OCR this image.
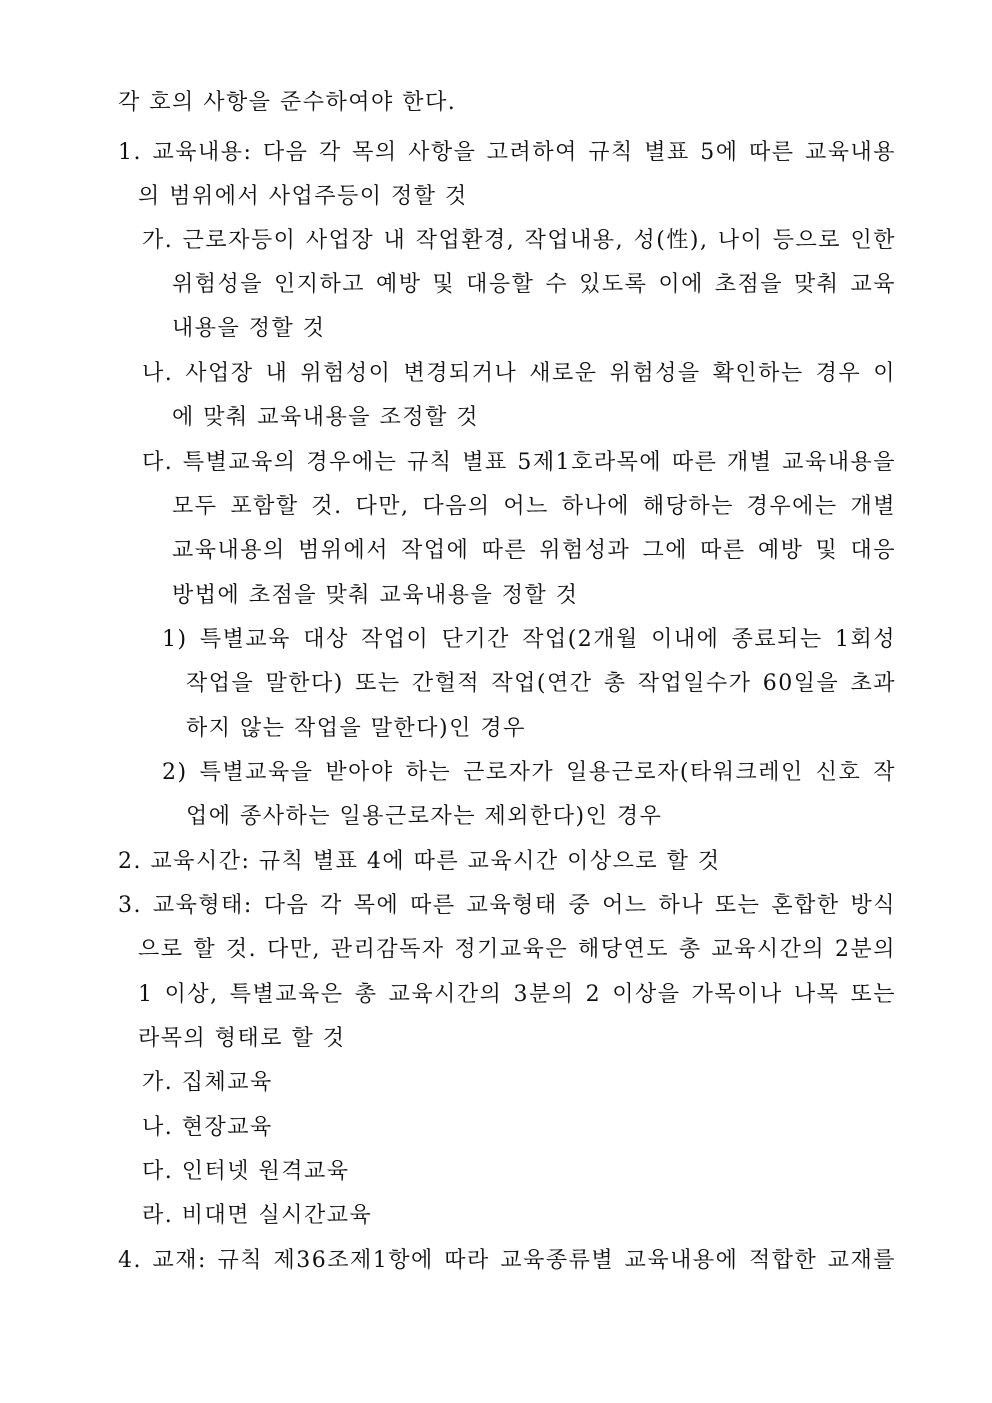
각 호의 사항을 준수하여야 한다.
1. 교육내용: 다음 각 목의 사항을 고려하여 규칙 별표 5에 따른 교육내용
의 범위에서 사업주등이 정할 것
가. 근로자등이 사업장 내 작업환경, 작업내용, 성(性), 나이 등으로 인한
위험성을 인지하고 예방 및 대응할 수 있도록 이에 초점을 맞춰 교육
내용을 정할 것
나. 사업장 내 위험성이 변경되거나 새로운 위험성을 확인하는 경우 이
에 맞춰 교육내용을 조정할 것
다. 특별교육의 경우에는 규칙 별표 5제1호라목에 따른 개별 교육내용을
모두 포함할 것. 다만, 다음의 어느 하나에 해당하는 경우에는 개별
교육내용의 범위에서 작업에 따른 위험성과 그에 따른 예방 및 대응
방법에 초점을 맞춰 교육내용을 정할 것
1) 특별교육 대상 작업이 단기간 작업(2개월 이내에 종료되는 1회성
작업을 말한다) 또는 간헐적 작업(연간 총 작업일수가 60일을 초과
하지 않는 작업을 말한다)인 경우
2) 특별교육을 받아야 하는 근로자가 일용근로자(타워크레인 신호 작
업에 종사하는 일용근로자는 제외한다)인 경우
2. 교육시간: 규칙 별표 4에 따른 교육시간 이상으로 할 것
3. 교육형태: 다음 각 목에 따른 교육형태 중 어느 하나 또는 혼합한 방식
으로 할 것. 다만, 관리감독자 정기교육은 해당연도 총 교육시간의 2분의
1 이상, 특별교육은 총 교육시간의 3분의 2 이상을 가목이나 나목 또는
라목의 형태로 할 것
가. 집체교육
나. 현장교육
다. 인터넷 원격교육
라. 비대면 실시간교육
4. 교재: 규칙 제36조제1항에 따라 교육종류별 교육내용에 적합한 교재를
